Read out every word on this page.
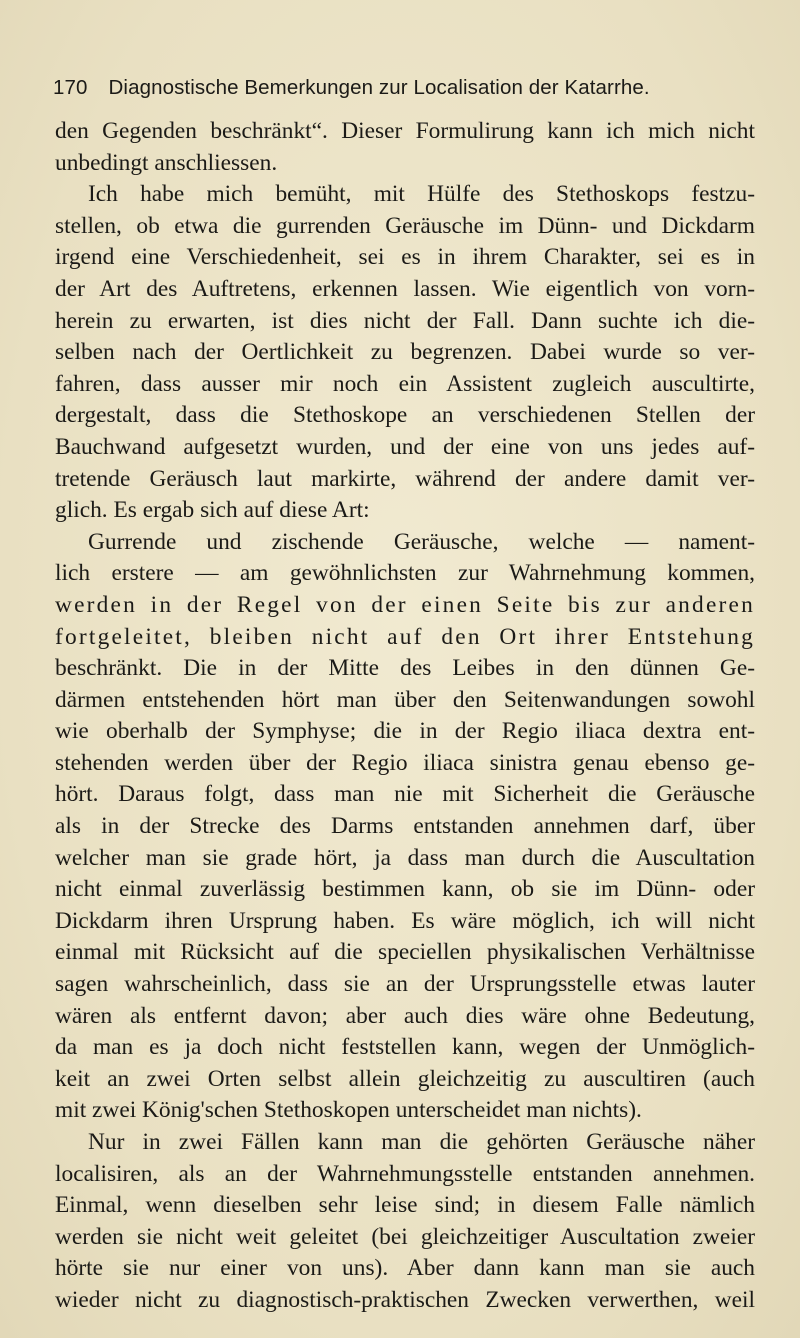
170 Diagnostische Bemerkungen zur Localisation der Katarrhe.

den Gegenden beschränkt“. Dieser Formulirung kann ich mich nicht

unbedingt anschliessen.

Ich habe mich bemüht, mit Hülfe des Stethoskops festzu-

stellen, ob etwa die gurrenden Geräusche im Dünn- und Dickdarm

irgend eine Verschiedenheit, sei es in ihrem Charakter, sei es in

der Art des Auftretens, erkennen lassen. Wie eigentlich von vorn-

herein zu erwarten, ist dies nicht der Fall. Dann suchte ich die-

selben nach der Oertlichkeit zu begrenzen. Dabei wurde so ver-

fahren, dass ausser mir noch ein Assistent zugleich auscultirte,

dergestalt, dass die Stethoskope an verschiedenen Stellen der

Bauchwand aufgesetzt wurden, und der eine von uns jedes auf-

tretende Geräusch laut markirte, während der andere damit ver-

glich. Es ergab sich auf diese Art:

Gurrende und zischende Geräusche, welche — nament-

lich erstere — am gewöhnlichsten zur Wahrnehmung kommen,

werden in der Regel von der einen Seite bis zur anderen

fortgeleitet, bleiben nicht auf den Ort ihrer Entstehung

beschränkt. Die in der Mitte des Leibes in den dünnen Ge-

därmen entstehenden hört man über den Seitenwandungen sowohl

wie oberhalb der Symphyse; die in der Regio iliaca dextra ent-

stehenden werden über der Regio iliaca sinistra genau ebenso ge-

hört. Daraus folgt, dass man nie mit Sicherheit die Geräusche

als in der Strecke des Darms entstanden annehmen darf, über

welcher man sie grade hört, ja dass man durch die Auscultation

nicht einmal zuverlässig bestimmen kann, ob sie im Dünn- oder

Dickdarm ihren Ursprung haben. Es wäre möglich, ich will nicht

einmal mit Rücksicht auf die speciellen physikalischen Verhältnisse

sagen wahrscheinlich, dass sie an der Ursprungsstelle etwas lauter

wären als entfernt davon; aber auch dies wäre ohne Bedeutung,

da man es ja doch nicht feststellen kann, wegen der Unmöglich-

keit an zwei Orten selbst allein gleichzeitig zu auscultiren (auch

mit zwei König'schen Stethoskopen unterscheidet man nichts).

Nur in zwei Fällen kann man die gehörten Geräusche näher

localisiren, als an der Wahrnehmungsstelle entstanden annehmen.

Einmal, wenn dieselben sehr leise sind; in diesem Falle nämlich

werden sie nicht weit geleitet (bei gleichzeitiger Auscultation zweier

hörte sie nur einer von uns). Aber dann kann man sie auch

wieder nicht zu diagnostisch-praktischen Zwecken verwerthen, weil
